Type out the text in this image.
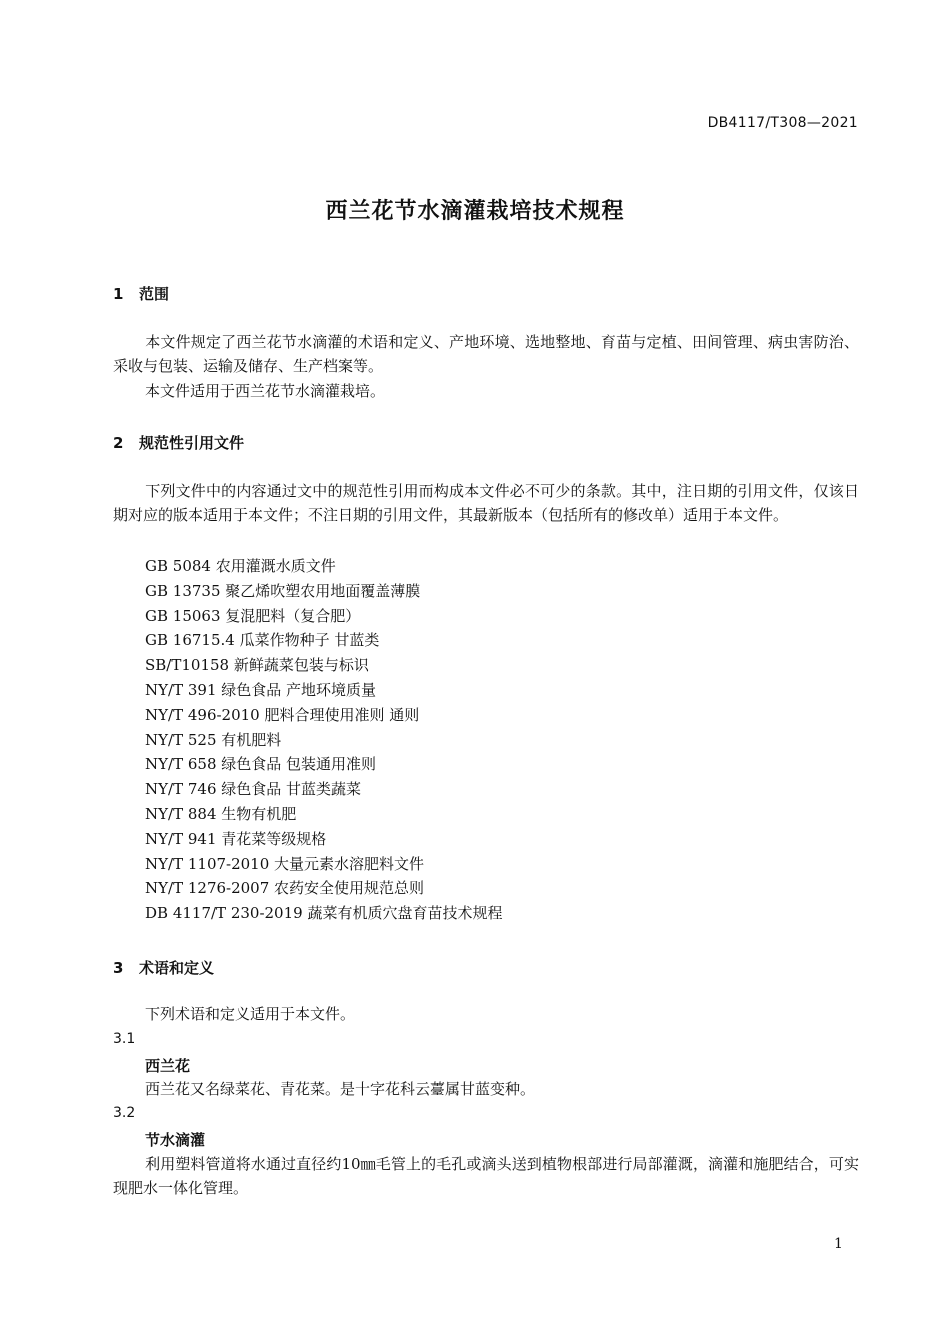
DB4117/T308—2021
西兰花节水滴灌栽培技术规程
1 范围
本文件规定了西兰花节水滴灌的术语和定义、产地环境、选地整地、育苗与定植、田间管理、病虫害防治、采收与包装、运输及储存、生产档案等。
本文件适用于西兰花节水滴灌栽培。
2 规范性引用文件
下列文件中的内容通过文中的规范性引用而构成本文件必不可少的条款。其中，注日期的引用文件，仅该日期对应的版本适用于本文件；不注日期的引用文件，其最新版本（包括所有的修改单）适用于本文件。
GB 5084 农用灌溉水质文件
GB 13735 聚乙烯吹塑农用地面覆盖薄膜
GB 15063 复混肥料（复合肥）
GB 16715.4 瓜菜作物种子 甘蓝类
SB/T10158 新鲜蔬菜包装与标识
NY/T 391 绿色食品 产地环境质量
NY/T 496-2010 肥料合理使用准则 通则
NY/T 525 有机肥料
NY/T 658 绿色食品 包装通用准则
NY/T 746 绿色食品 甘蓝类蔬菜
NY/T 884 生物有机肥
NY/T 941 青花菜等级规格
NY/T 1107-2010 大量元素水溶肥料文件
NY/T 1276-2007 农药安全使用规范总则
DB 4117/T 230-2019 蔬菜有机质穴盘育苗技术规程
3 术语和定义
下列术语和定义适用于本文件。
3.1
西兰花
西兰花又名绿菜花、青花菜。是十字花科云薹属甘蓝变种。
3.2
节水滴灌
利用塑料管道将水通过直径约10㎜毛管上的毛孔或滴头送到植物根部进行局部灌溉，滴灌和施肥结合，可实现肥水一体化管理。
1
